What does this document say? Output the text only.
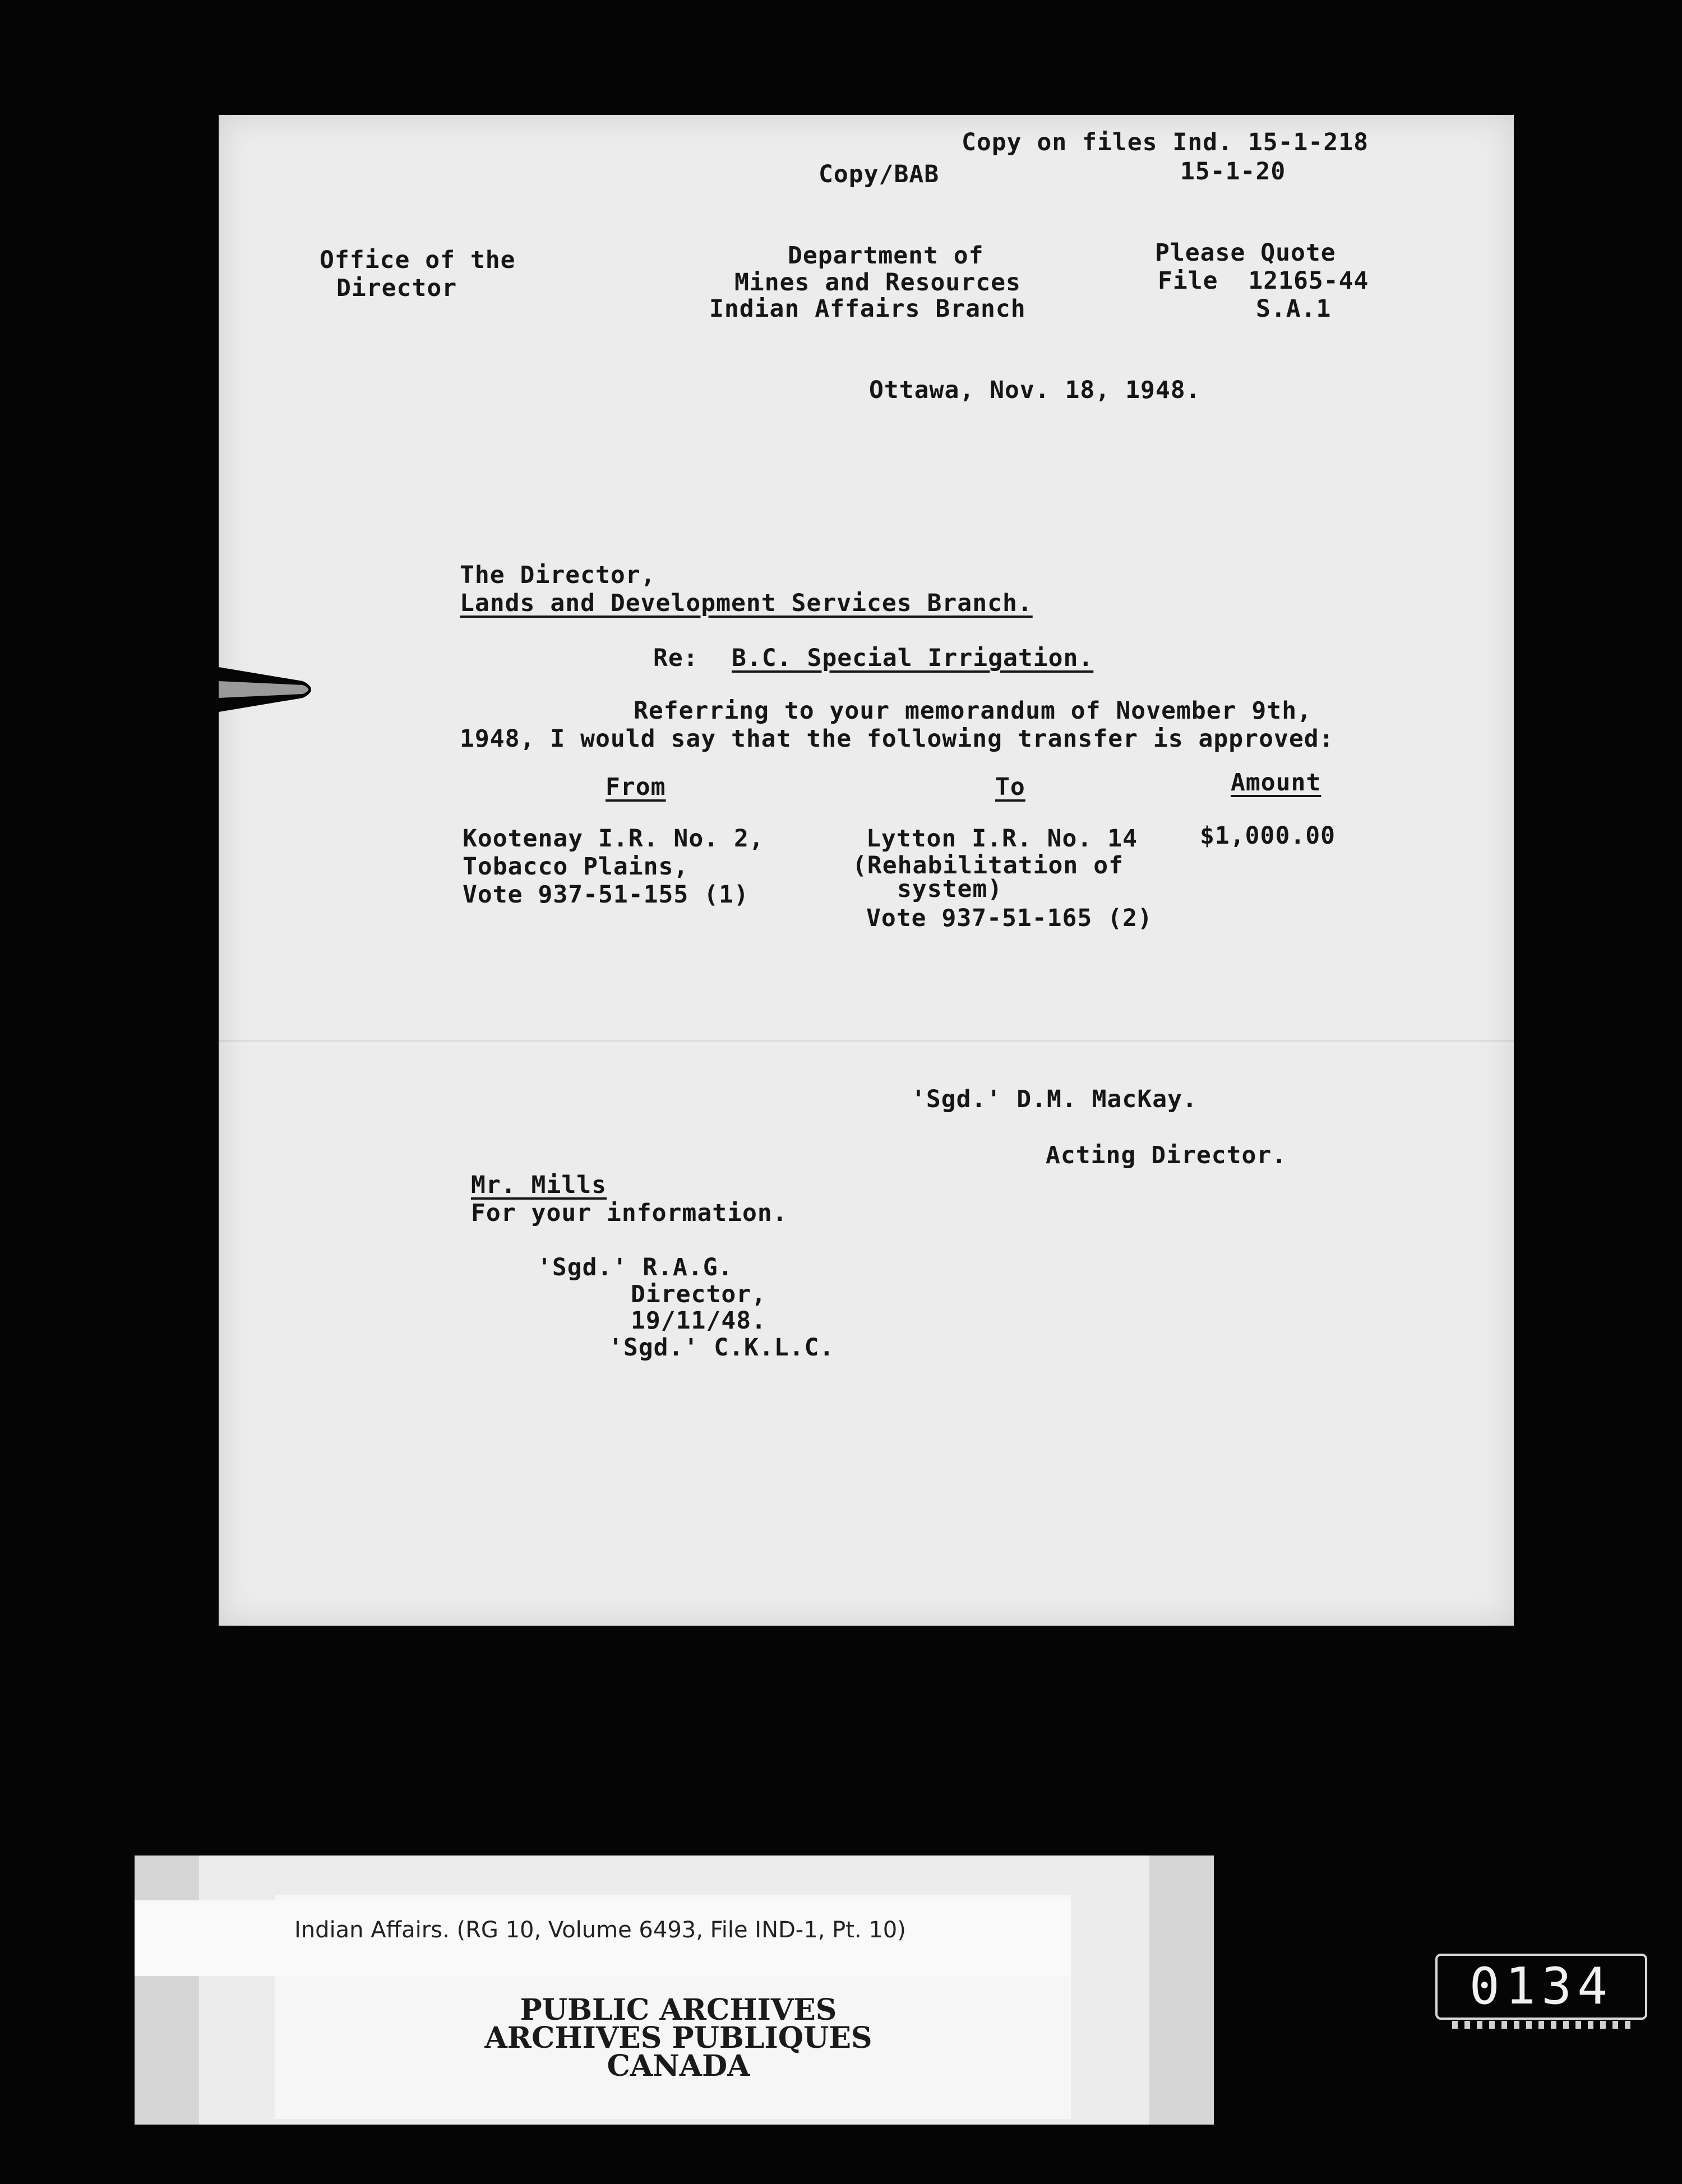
Copy on files Ind. 15-1-218
15-1-20
Copy/BAB
Office of the
Director
Department of
Mines and Resources
Indian Affairs Branch
Please Quote
File  12165-44
S.A.1
Ottawa, Nov. 18, 1948.
The Director,
Lands and Development Services Branch.
Re: B.C. Special Irrigation.
Referring to your memorandum of November 9th,
1948, I would say that the following transfer is approved:
From	To	Amount
Kootenay I.R. No. 2,
Tobacco Plains,
Vote 937-51-155 (1)
Lytton I.R. No. 14
(Rehabilitation of
system)
Vote 937-51-165 (2)
$1,000.00
'Sgd.' D.M. MacKay.
Acting Director.
Mr. Mills
For your information.
'Sgd.' R.A.G.
Director,
19/11/48.
'Sgd.' C.K.L.C.
Indian Affairs. (RG 10, Volume 6493, File IND-1, Pt. 10)
PUBLIC ARCHIVES
ARCHIVES PUBLIQUES
CANADA
0134
